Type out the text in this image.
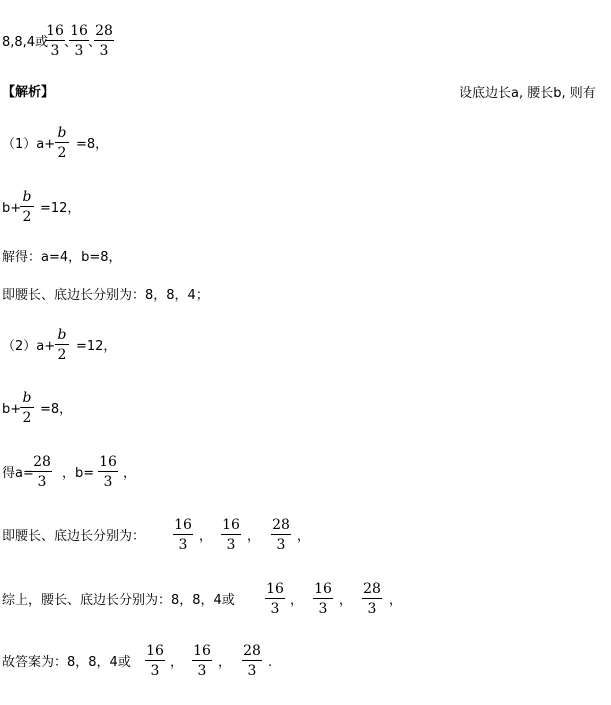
8,8,4或
16
3
、
16
3
、
28
3
【解析】	设底边长a, 腰长b, 则有
（1）a+
b
2
=8，
b+
b
2
=12，
解得：a=4，b=8，
即腰长、底边长分别为：8，8，4；
（2）a+
b
2
=12，
b+
b
2
=8，
得a=
28
3
，b=
16
3
，
即腰长、底边长分别为：
16
3
，
16
3
，
28
3
，
综上，腰长、底边长分别为：8，8，4或
16
3
，
16
3
，
28
3
，
故答案为：8，8，4或
16
3
，
16
3
，
28
3
.
